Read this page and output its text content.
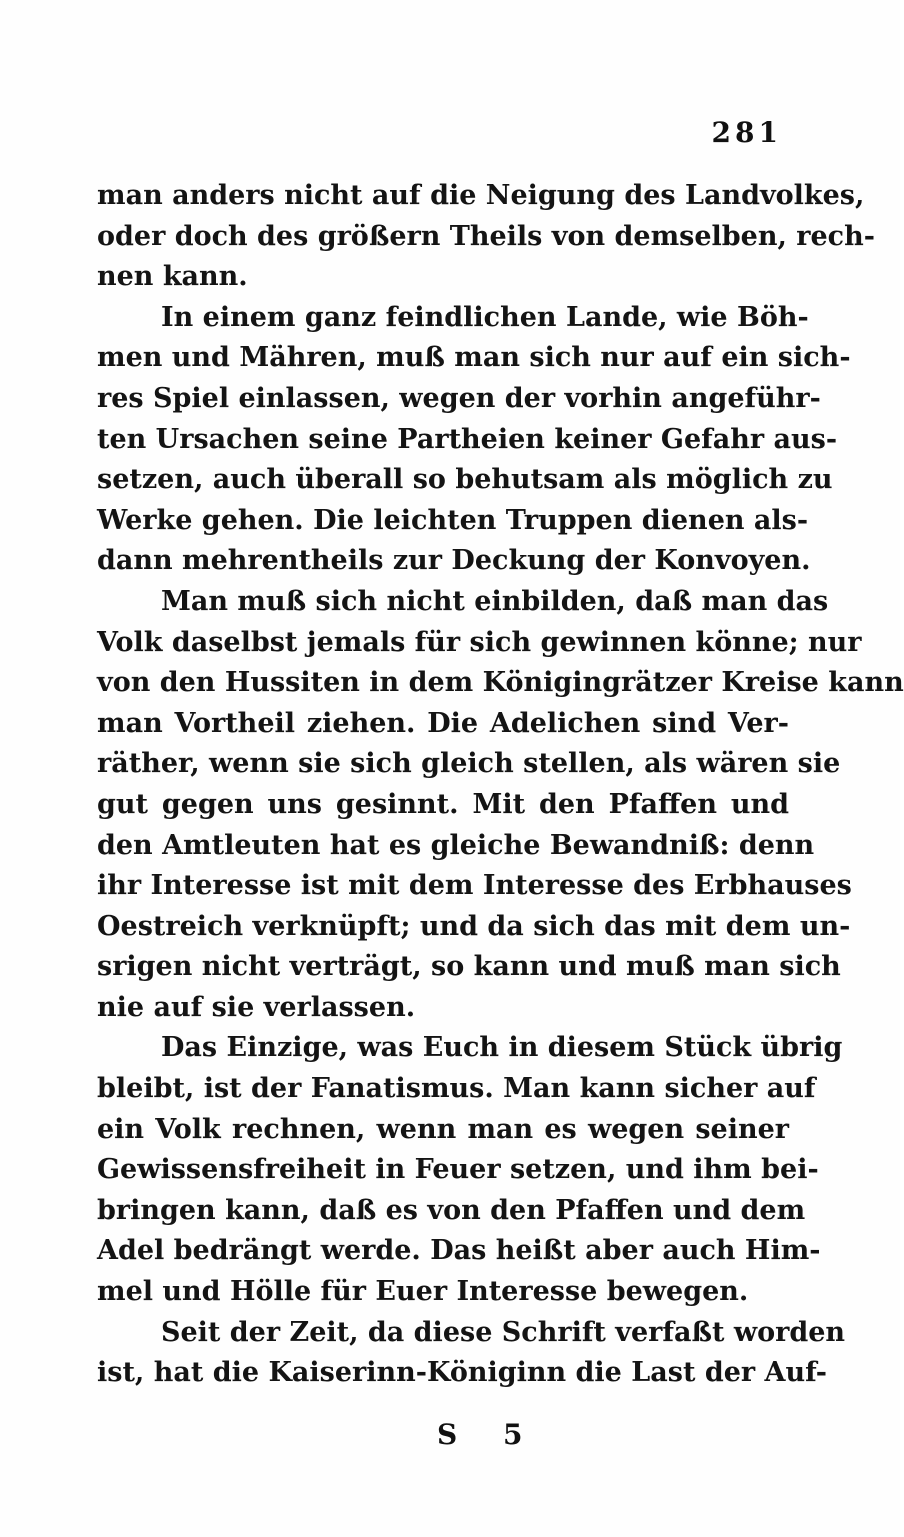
281
man anders nicht auf die Neigung des Landvolkes,
oder doch des größern Theils von demselben, rech-
nen kann.
In einem ganz feindlichen Lande, wie Böh-
men und Mähren, muß man sich nur auf ein sich-
res Spiel einlassen, wegen der vorhin angeführ-
ten Ursachen seine Partheien keiner Gefahr aus-
setzen, auch überall so behutsam als möglich zu
Werke gehen. Die leichten Truppen dienen als-
dann mehrentheils zur Deckung der Konvoyen.
Man muß sich nicht einbilden, daß man das
Volk daselbst jemals für sich gewinnen könne; nur
von den Hussiten in dem Königingrätzer Kreise kann
man Vortheil ziehen. Die Adelichen sind Ver-
räther, wenn sie sich gleich stellen, als wären sie
gut gegen uns gesinnt. Mit den Pfaffen und
den Amtleuten hat es gleiche Bewandniß: denn
ihr Interesse ist mit dem Interesse des Erbhauses
Oestreich verknüpft; und da sich das mit dem un-
srigen nicht verträgt, so kann und muß man sich
nie auf sie verlassen.
Das Einzige, was Euch in diesem Stück übrig
bleibt, ist der Fanatismus. Man kann sicher auf
ein Volk rechnen, wenn man es wegen seiner
Gewissensfreiheit in Feuer setzen, und ihm bei-
bringen kann, daß es von den Pfaffen und dem
Adel bedrängt werde. Das heißt aber auch Him-
mel und Hölle für Euer Interesse bewegen.
Seit der Zeit, da diese Schrift verfaßt worden
ist, hat die Kaiserinn-Königinn die Last der Auf-
S 5
